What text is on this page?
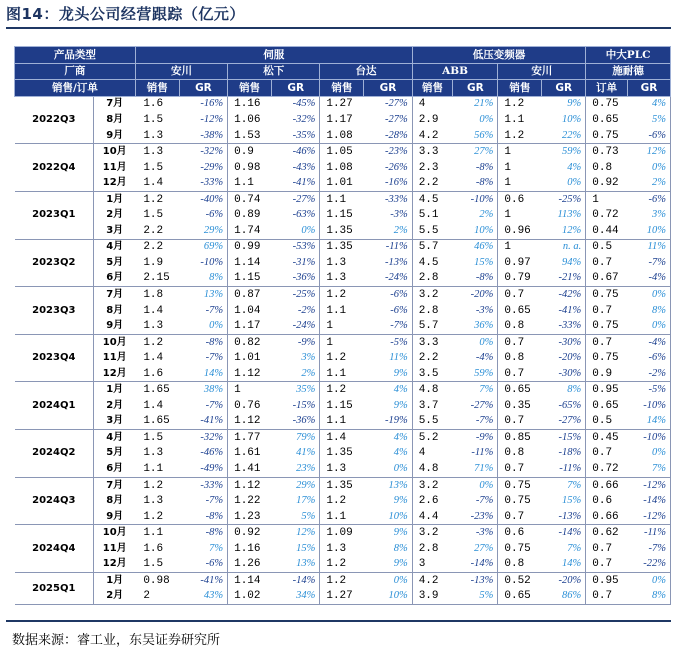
图14：龙头公司经营跟踪（亿元）
产品类型		伺服						低压变频器				中大PLC	
厂商		安川		松下		台达		ABB		安川		施耐德	
销售/订单		销售	GR	销售	GR	销售	GR	销售	GR	销售	GR	订单	GR
2022Q3	7月	1.6	-16%	1.16	-45%	1.27	-27%	4	21%	1.2	9%	0.75	4%
	8月	1.5	-12%	1.06	-32%	1.17	-27%	2.9	0%	1.1	10%	0.65	5%
	9月	1.3	-38%	1.53	-35%	1.08	-28%	4.2	56%	1.2	22%	0.75	-6%
2022Q4	10月	1.3	-32%	0.9	-46%	1.05	-23%	3.3	27%	1	59%	0.73	12%
	11月	1.5	-29%	0.98	-43%	1.08	-26%	2.3	-8%	1	4%	0.8	0%
	12月	1.4	-33%	1.1	-41%	1.01	-16%	2.2	-8%	1	0%	0.92	2%
2023Q1	1月	1.2	-40%	0.74	-27%	1.1	-33%	4.5	-10%	0.6	-25%	1	-6%
	2月	1.5	-6%	0.89	-63%	1.15	-3%	5.1	2%	1	113%	0.72	3%
	3月	2.2	29%	1.74	0%	1.35	2%	5.5	10%	0.96	12%	0.44	10%
2023Q2	4月	2.2	69%	0.99	-53%	1.35	-11%	5.7	46%	1	n. a.	0.5	11%
	5月	1.9	-10%	1.14	-31%	1.3	-13%	4.5	15%	0.97	94%	0.7	-7%
	6月	2.15	8%	1.15	-36%	1.3	-24%	2.8	-8%	0.79	-21%	0.67	-4%
2023Q3	7月	1.8	13%	0.87	-25%	1.2	-6%	3.2	-20%	0.7	-42%	0.75	0%
	8月	1.4	-7%	1.04	-2%	1.1	-6%	2.8	-3%	0.65	-41%	0.7	8%
	9月	1.3	0%	1.17	-24%	1	-7%	5.7	36%	0.8	-33%	0.75	0%
2023Q4	10月	1.2	-8%	0.82	-9%	1	-5%	3.3	0%	0.7	-30%	0.7	-4%
	11月	1.4	-7%	1.01	3%	1.2	11%	2.2	-4%	0.8	-20%	0.75	-6%
	12月	1.6	14%	1.12	2%	1.1	9%	3.5	59%	0.7	-30%	0.9	-2%
2024Q1	1月	1.65	38%	1	35%	1.2	4%	4.8	7%	0.65	8%	0.95	-5%
	2月	1.4	-7%	0.76	-15%	1.15	9%	3.7	-27%	0.35	-65%	0.65	-10%
	3月	1.65	-41%	1.12	-36%	1.1	-19%	5.5	-7%	0.7	-27%	0.5	14%
2024Q2	4月	1.5	-32%	1.77	79%	1.4	4%	5.2	-9%	0.85	-15%	0.45	-10%
	5月	1.3	-46%	1.61	41%	1.35	4%	4	-11%	0.8	-18%	0.7	0%
	6月	1.1	-49%	1.41	23%	1.3	0%	4.8	71%	0.7	-11%	0.72	7%
2024Q3	7月	1.2	-33%	1.12	29%	1.35	13%	3.2	0%	0.75	7%	0.66	-12%
	8月	1.3	-7%	1.22	17%	1.2	9%	2.6	-7%	0.75	15%	0.6	-14%
	9月	1.2	-8%	1.23	5%	1.1	10%	4.4	-23%	0.7	-13%	0.66	-12%
2024Q4	10月	1.1	-8%	0.92	12%	1.09	9%	3.2	-3%	0.6	-14%	0.62	-11%
	11月	1.6	7%	1.16	15%	1.3	8%	2.8	27%	0.75	7%	0.7	-7%
	12月	1.5	-6%	1.26	13%	1.2	9%	3	-14%	0.8	14%	0.7	-22%
2025Q1	1月	0.98	-41%	1.14	-14%	1.2	0%	4.2	-13%	0.52	-20%	0.95	0%
	2月	2	43%	1.02	34%	1.27	10%	3.9	5%	0.65	86%	0.7	8%
数据来源：睿工业，东吴证券研究所
